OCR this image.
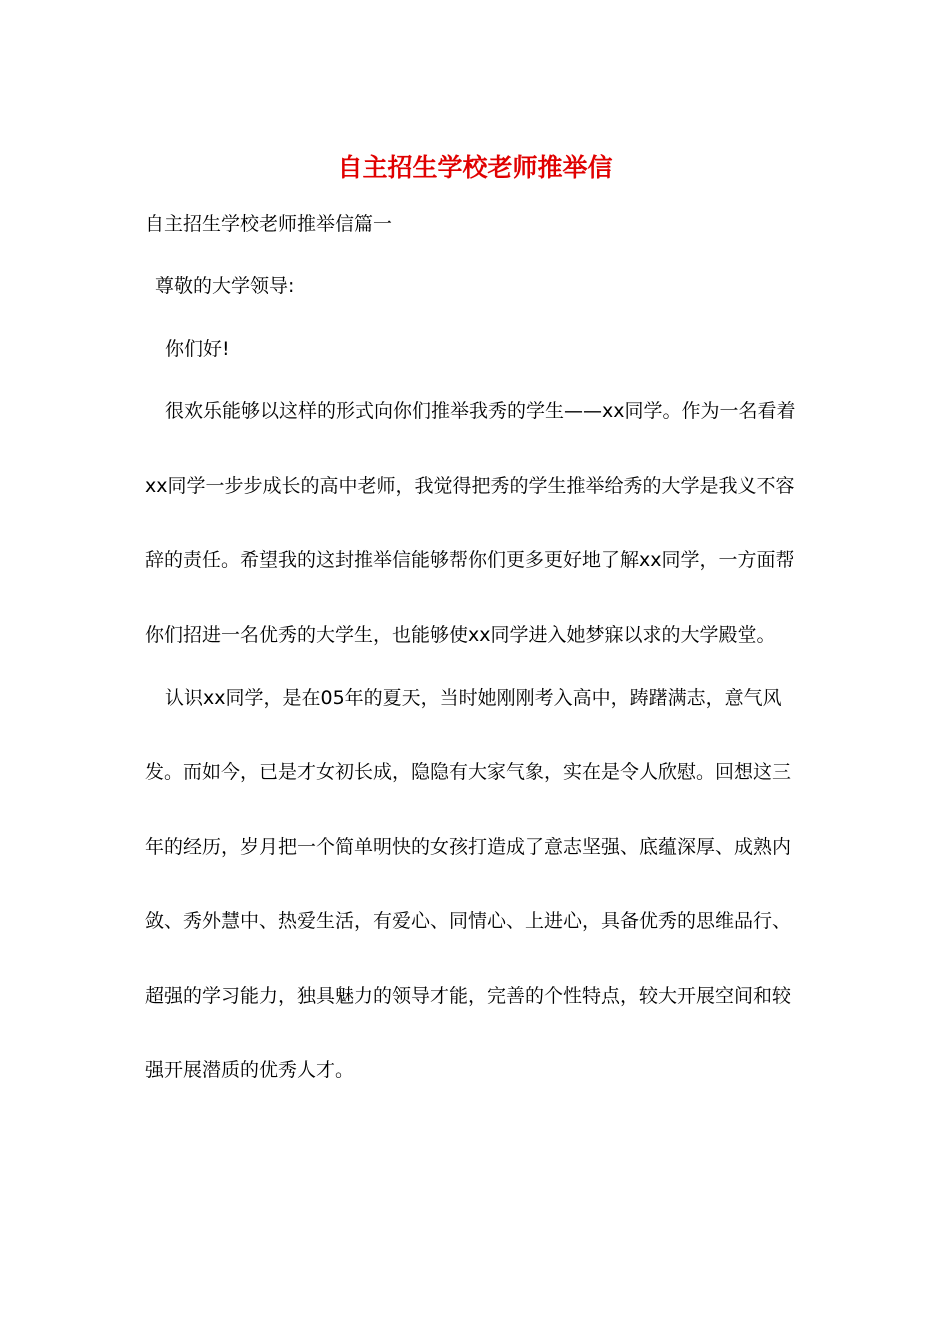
自主招生学校老师推举信

自主招生学校老师推举信篇一

尊敬的大学领导:

你们好!

很欢乐能够以这样的形式向你们推举我秀的学生——xx同学。作为一名看着

xx同学一步步成长的高中老师，我觉得把秀的学生推举给秀的大学是我义不容

辞的责任。希望我的这封推举信能够帮你们更多更好地了解xx同学，一方面帮

你们招进一名优秀的大学生，也能够使xx同学进入她梦寐以求的大学殿堂。

认识xx同学，是在05年的夏天，当时她刚刚考入高中，踌躇满志，意气风

发。而如今，已是才女初长成，隐隐有大家气象，实在是令人欣慰。回想这三

年的经历，岁月把一个简单明快的女孩打造成了意志坚强、底蕴深厚、成熟内

敛、秀外慧中、热爱生活，有爱心、同情心、上进心，具备优秀的思维品行、

超强的学习能力，独具魅力的领导才能，完善的个性特点，较大开展空间和较

强开展潜质的优秀人才。
